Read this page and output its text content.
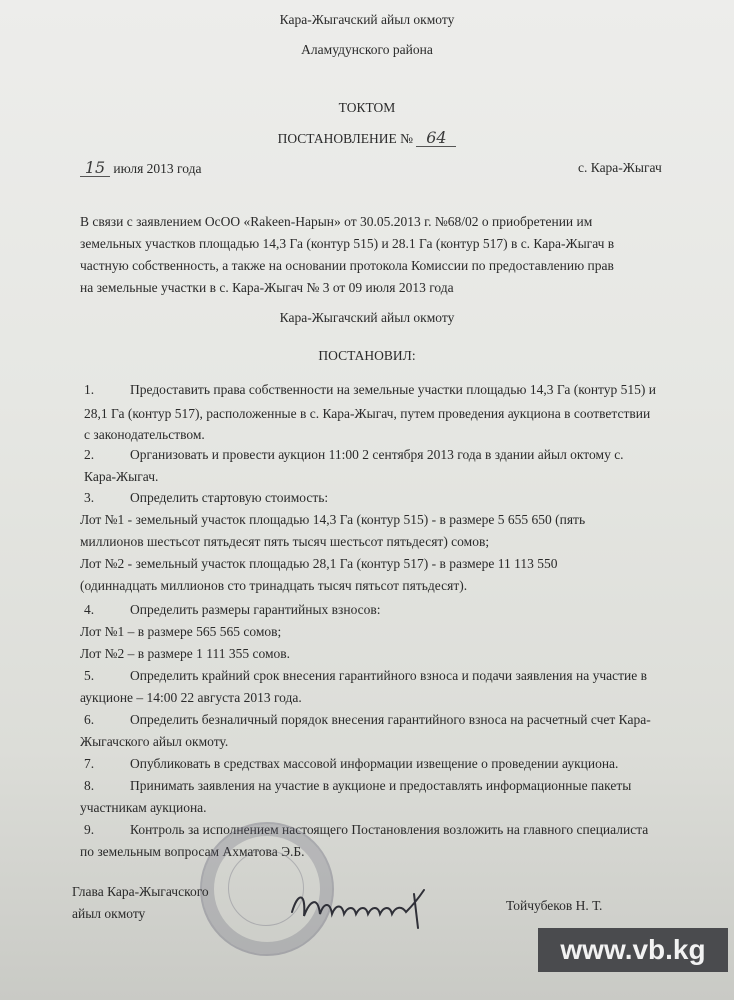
Кара-Жыгачский айыл окмоту
Аламудунского района
ТОКТОМ
ПОСТАНОВЛЕНИЕ № 64
15 июля 2013 года	с. Кара-Жыгач
В связи с заявлением ОсОО «Rakeen-Нарын» от 30.05.2013 г. №68/02 о приобретении им
земельных участков площадью 14,3 Га (контур 515) и 28.1 Га (контур 517) в с. Кара-Жыгач в
частную собственность, а также на основании протокола Комиссии по предоставлению прав
на земельные участки в с. Кара-Жыгач № 3 от 09 июля 2013 года
Кара-Жыгачский айыл окмоту
ПОСТАНОВИЛ:
1.	Предоставить права собственности на земельные участки площадью 14,3 Га (контур 515) и
28,1 Га (контур 517), расположенные в с. Кара-Жыгач, путем проведения аукциона в соответствии
с законодательством.
2.	Организовать и провести аукцион 11:00 2 сентября 2013 года в здании айыл октому с.
Кара-Жыгач.
3.	Определить стартовую стоимость:
Лот №1 - земельный участок площадью 14,3 Га (контур 515) - в размере 5 655 650 (пять
миллионов шестьсот пятьдесят пять тысяч шестьсот пятьдесят) сомов;
Лот №2 - земельный участок площадью 28,1 Га (контур 517) - в размере 11 113 550
(одиннадцать миллионов сто тринадцать тысяч пятьсот пятьдесят).
4.	Определить размеры гарантийных взносов:
Лот №1 – в размере 565 565 сомов;
Лот №2 – в размере 1 111 355 сомов.
5.	Определить крайний срок внесения гарантийного взноса и подачи заявления на участие в
аукционе – 14:00 22 августа 2013 года.
6.	Определить безналичный порядок внесения гарантийного взноса на расчетный счет Кара-
Жыгачского айыл окмоту.
7.	Опубликовать в средствах массовой информации извещение о проведении аукциона.
8.	Принимать заявления на участие в аукционе и предоставлять информационные пакеты
участникам аукциона.
9.	Контроль за исполнением настоящего Постановления возложить на главного специалиста
по земельным вопросам Ахматова Э.Б.
Глава Кара-Жыгачского
айыл окмоту
Тойчубеков Н. Т.
www.vb.kg
